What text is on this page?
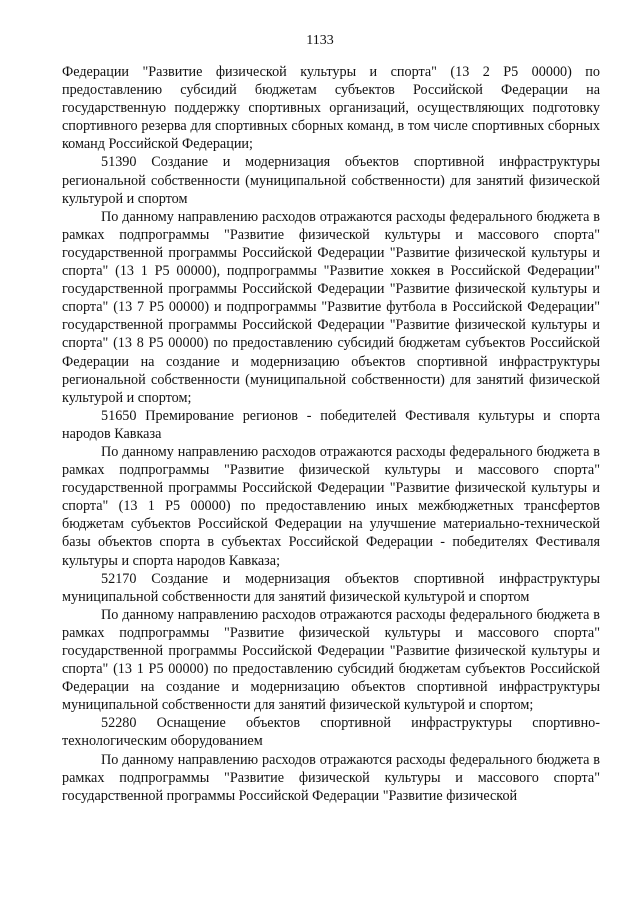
1133

Федерации "Развитие физической культуры и спорта" (13 2 Р5 00000) по предоставлению субсидий бюджетам субъектов Российской Федерации на государственную поддержку спортивных организаций, осуществляющих подготовку спортивного резерва для спортивных сборных команд, в том числе спортивных сборных команд Российской Федерации;

51390 Создание и модернизация объектов спортивной инфраструктуры региональной собственности (муниципальной собственности) для занятий физической культурой и спортом

По данному направлению расходов отражаются расходы федерального бюджета в рамках подпрограммы "Развитие физической культуры и массового спорта" государственной программы Российской Федерации "Развитие физической культуры и спорта" (13 1 Р5 00000), подпрограммы "Развитие хоккея в Российской Федерации" государственной программы Российской Федерации "Развитие физической культуры и спорта" (13 7 Р5 00000) и подпрограммы "Развитие футбола в Российской Федерации" государственной программы Российской Федерации "Развитие физической культуры и спорта" (13 8 Р5 00000) по предоставлению субсидий бюджетам субъектов Российской Федерации на создание и модернизацию объектов спортивной инфраструктуры региональной собственности (муниципальной собственности) для занятий физической культурой и спортом;

51650 Премирование регионов - победителей Фестиваля культуры и спорта народов Кавказа

По данному направлению расходов отражаются расходы федерального бюджета в рамках подпрограммы "Развитие физической культуры и массового спорта" государственной программы Российской Федерации "Развитие физической культуры и спорта" (13 1 Р5 00000) по предоставлению иных межбюджетных трансфертов бюджетам субъектов Российской Федерации на улучшение материально-технической базы объектов спорта в субъектах Российской Федерации - победителях Фестиваля культуры и спорта народов Кавказа;

52170 Создание и модернизация объектов спортивной инфраструктуры муниципальной собственности для занятий физической культурой и спортом

По данному направлению расходов отражаются расходы федерального бюджета в рамках подпрограммы "Развитие физической культуры и массового спорта" государственной программы Российской Федерации "Развитие физической культуры и спорта" (13 1 Р5 00000) по предоставлению субсидий бюджетам субъектов Российской Федерации на создание и модернизацию объектов спортивной инфраструктуры муниципальной собственности для занятий физической культурой и спортом;

52280 Оснащение объектов спортивной инфраструктуры спортивно-технологическим оборудованием

По данному направлению расходов отражаются расходы федерального бюджета в рамках подпрограммы "Развитие физической культуры и массового спорта" государственной программы Российской Федерации "Развитие физической
